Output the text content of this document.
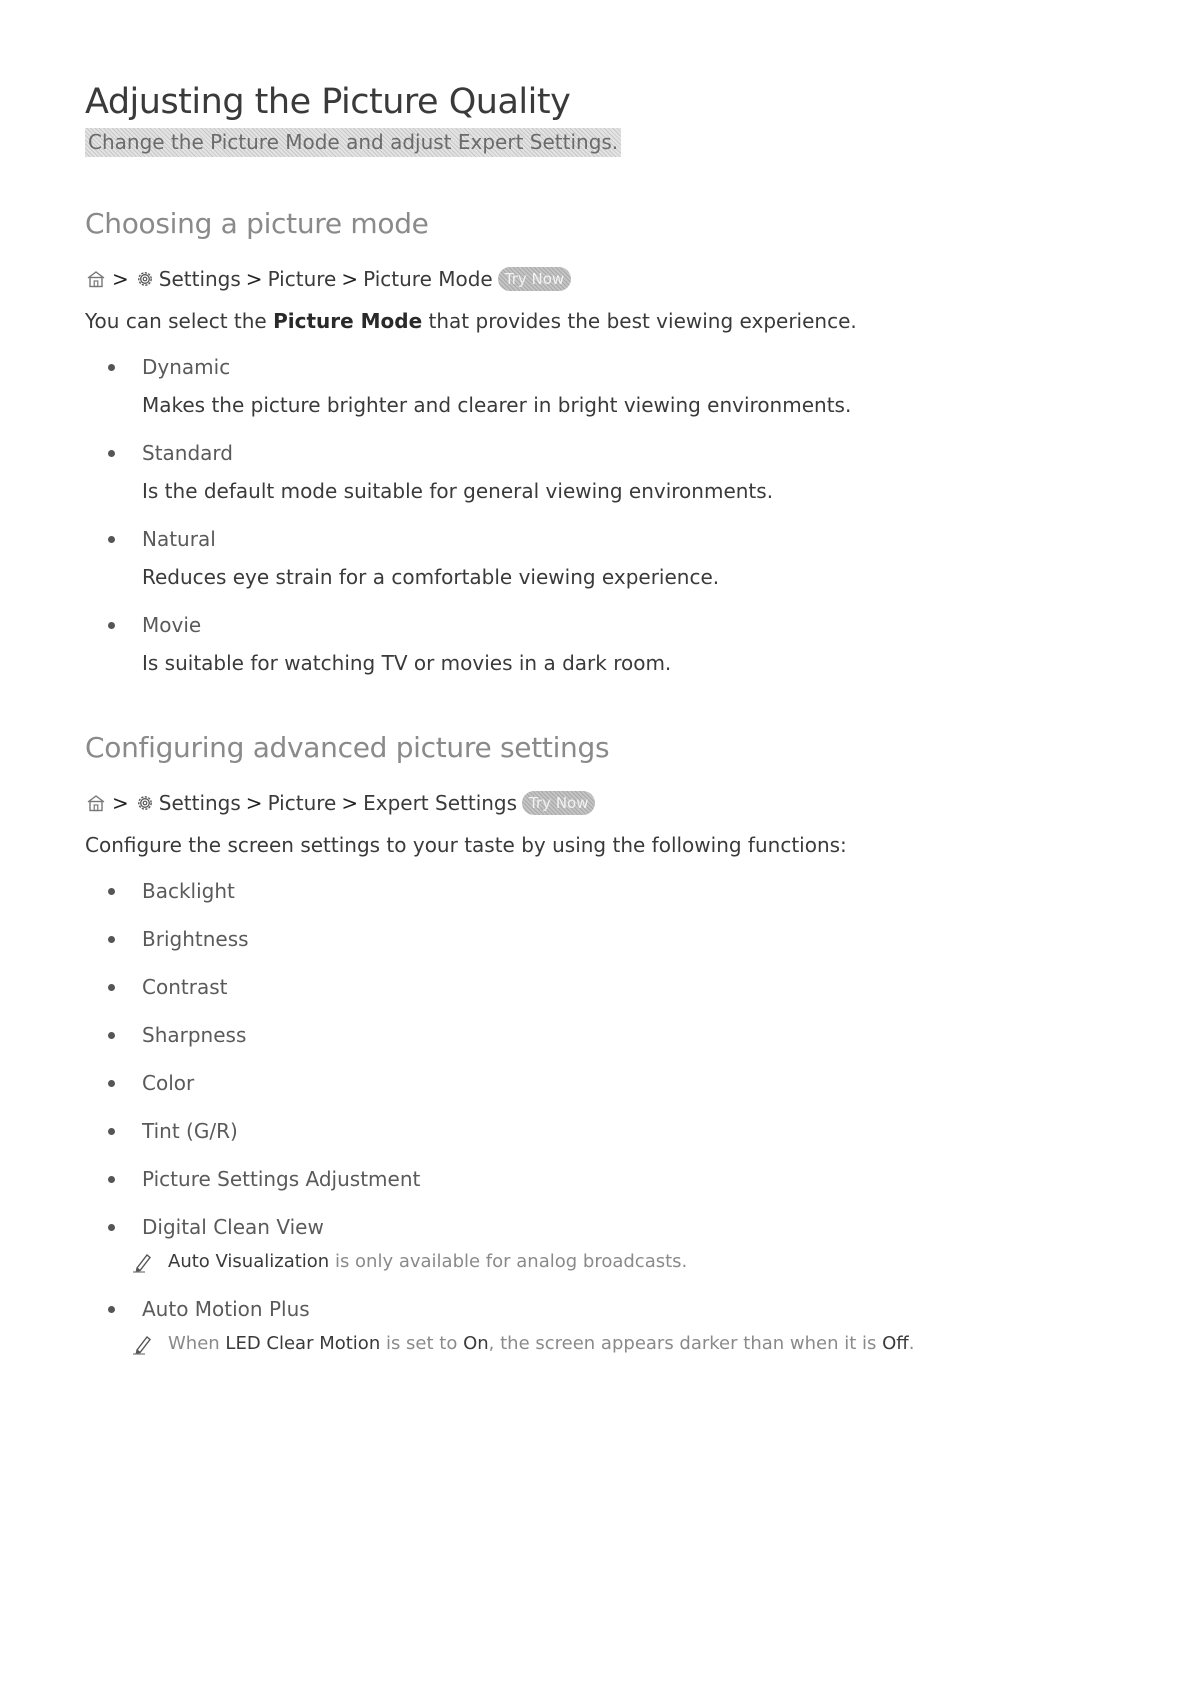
Adjusting the Picture Quality
Change the Picture Mode and adjust Expert Settings.
Choosing a picture mode
> Settings > Picture > Picture Mode Try Now

You can select the Picture Mode that provides the best viewing experience.

Dynamic
Makes the picture brighter and clearer in bright viewing environments.
Standard
Is the default mode suitable for general viewing environments.
Natural
Reduces eye strain for a comfortable viewing experience.
Movie
Is suitable for watching TV or movies in a dark room.
Configuring advanced picture settings
> Settings > Picture > Expert Settings Try Now

Configure the screen settings to your taste by using the following functions:

Backlight
Brightness
Contrast
Sharpness
Color
Tint (G/R)
Picture Settings Adjustment
Digital Clean View
Auto Visualization is only available for analog broadcasts.
Auto Motion Plus
When LED Clear Motion is set to On, the screen appears darker than when it is Off.
